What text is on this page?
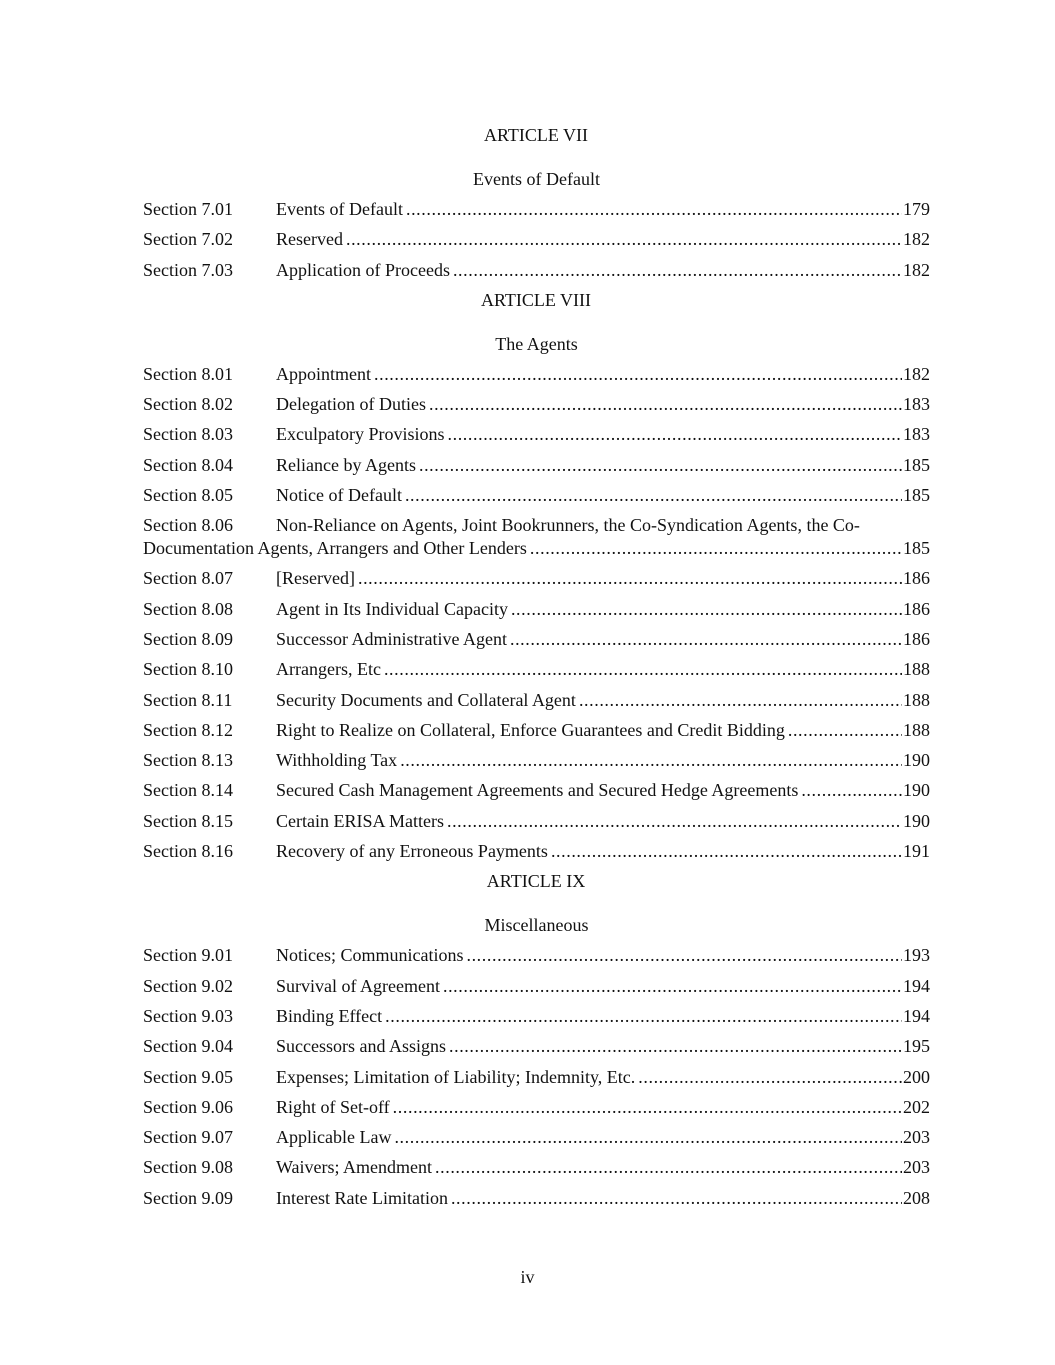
ARTICLE VII
Events of Default
Section 7.01	Events of Default .....	179
Section 7.02	Reserved .....	182
Section 7.03	Application of Proceeds .....	182
ARTICLE VIII
The Agents
Section 8.01	Appointment .....	182
Section 8.02	Delegation of Duties .....	183
Section 8.03	Exculpatory Provisions .....	183
Section 8.04	Reliance by Agents .....	185
Section 8.05	Notice of Default .....	185
Section 8.06	Non-Reliance on Agents, Joint Bookrunners, the Co-Syndication Agents, the Co-
Documentation Agents, Arrangers and Other Lenders .....	185
Section 8.07	[Reserved] .....	186
Section 8.08	Agent in Its Individual Capacity .....	186
Section 8.09	Successor Administrative Agent .....	186
Section 8.10	Arrangers, Etc .....	188
Section 8.11	Security Documents and Collateral Agent .....	188
Section 8.12	Right to Realize on Collateral, Enforce Guarantees and Credit Bidding .....	188
Section 8.13	Withholding Tax .....	190
Section 8.14	Secured Cash Management Agreements and Secured Hedge Agreements .....	190
Section 8.15	Certain ERISA Matters .....	190
Section 8.16	Recovery of any Erroneous Payments .....	191
ARTICLE IX
Miscellaneous
Section 9.01	Notices; Communications .....	193
Section 9.02	Survival of Agreement .....	194
Section 9.03	Binding Effect .....	194
Section 9.04	Successors and Assigns .....	195
Section 9.05	Expenses; Limitation of Liability; Indemnity, Etc. .....	200
Section 9.06	Right of Set-off .....	202
Section 9.07	Applicable Law .....	203
Section 9.08	Waivers; Amendment .....	203
Section 9.09	Interest Rate Limitation .....	208
iv
